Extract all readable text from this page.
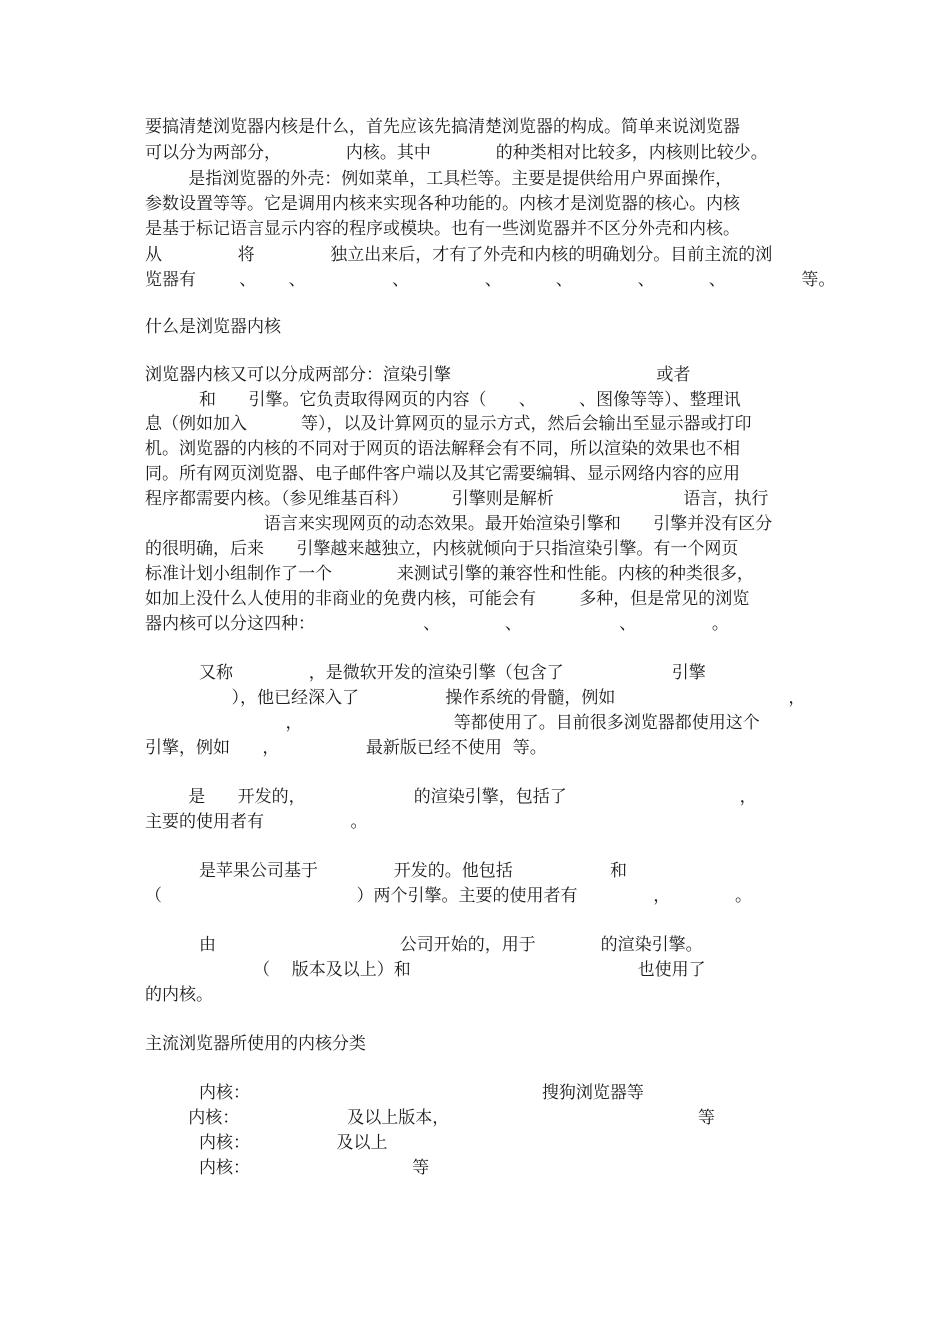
要搞清楚浏览器内核是什么，首先应该先搞清楚浏览器的构成。简单来说浏览器
可以分为两部分，            内核。其中            的种类相对比较多，内核则比较少。
是指浏览器的外壳：例如菜单，工具栏等。主要是提供给用户界面操作，
参数设置等等。它是调用内核来实现各种功能的。内核才是浏览器的核心。内核
是基于标记语言显示内容的程序或模块。也有一些浏览器并不区分外壳和内核。
从              将              独立出来后，才有了外壳和内核的明确划分。目前主流的浏
览器有        、      、                、              、          、            、          、              等。
什么是浏览器内核
浏览器内核又可以分成两部分：渲染引擎                                      或者
和      引擎。它负责取得网页的内容（      、        、图像等等）、整理讯
息（例如加入          等），以及计算网页的显示方式，然后会输出至显示器或打印
机。浏览器的内核的不同对于网页的语法解释会有不同，所以渲染的效果也不相
同。所有网页浏览器、电子邮件客户端以及其它需要编辑、显示网络内容的应用
程序都需要内核。（参见维基百科）        引擎则是解析                        语言，执行
语言来实现网页的动态效果。最开始渲染引擎和      引擎并没有区分
的很明确，后来      引擎越来越独立，内核就倾向于只指渲染引擎。有一个网页
标准计划小组制作了一个            来测试引擎的兼容性和性能。内核的种类很多，
如加上没什么人使用的非商业的免费内核，可能会有        多种，但是常见的浏览
器内核可以分这四种：                    、            、                  、              。
又称              ，是微软开发的渲染引擎（包含了                    引擎
），他已经深入了                操作系统的骨髓，例如                                ，
，                            等都使用了。目前很多浏览器都使用这个
引擎，例如      ，                最新版已经不使用  等。
是      开发的，                    的渲染引擎，包括了                                ，
主要的使用者有                。
是苹果公司基于              开发的。他包括                  和
（                                    ）两个引擎。主要的使用者有              ，            。
由                                  公司开始的，用于            的渲染引擎。
（    版本及以上）和                                          也使用了
的内核。
主流浏览器所使用的内核分类
内核：                                                      搜狗浏览器等
内核：                    及以上版本，                                              等
内核：                及以上
内核：                              等
